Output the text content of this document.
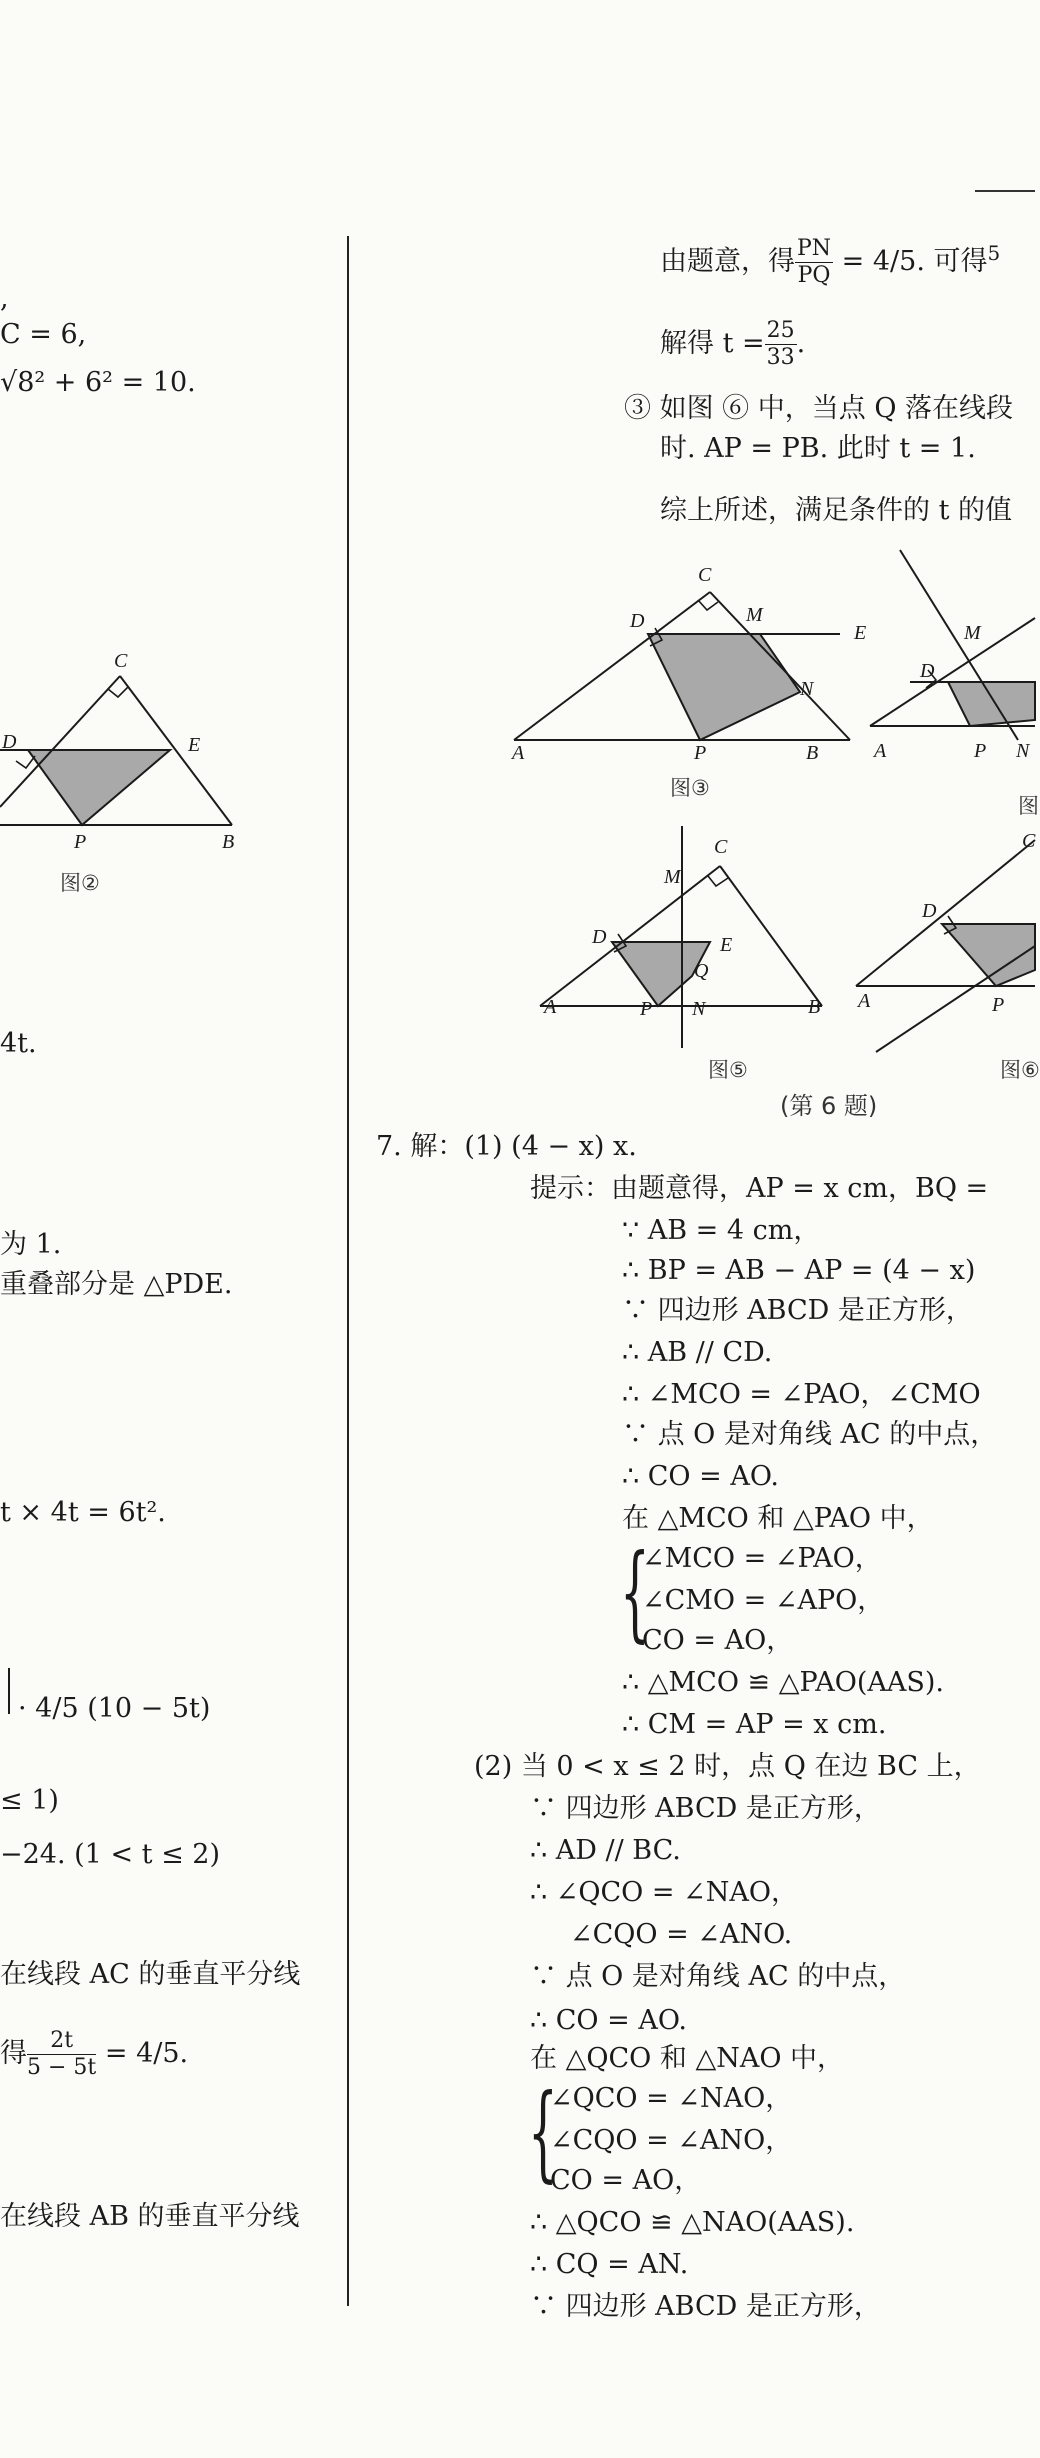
,
C = 6,
√8² + 6² = 10.
C
D	E
P	B
图②
4t.
为 1.
重叠部分是 △PDE.
t × 4t = 6t².
· 4/5 (10 − 5t)
≤ 1)
−24. (1 < t ≤ 2)
在线段 AC 的垂直平分线
得 $\frac{2t}{5 - 5t} = 4/5$.
在线段 AB 的垂直平分线
由题意，得 $\frac{PN}{PQ} = 4/5$. 可得$^5$
解得 $t = \frac{25}{33}$ .
③ 如图 ⑥ 中，当点 Q 落在线段
时. AP = PB. 此时 t = 1.
综上所述，满足条件的 t 的值
C
D	M
E
N
A	P	B
图③
M
D
A	P N
图
C
M
D	E
Q
A	P N	B
图⑤
C
D
A	P
图⑥
(第 6 题)
7. 解：(1) (4 − x) x.
提示：由题意得，AP = x cm，BQ =
∵ AB = 4 cm，
∴ BP = AB − AP = (4 − x)
∵ 四边形 ABCD 是正方形，
∴ AB // CD.
∴ ∠MCO = ∠PAO，∠CMO
∵ 点 O 是对角线 AC 的中点，
∴ CO = AO.
在 △MCO 和 △PAO 中，
{
∠MCO = ∠PAO，
∠CMO = ∠APO，
CO = AO，
∴ △MCO ≌ △PAO(AAS).
∴ CM = AP = x cm.
(2) 当 0 < x ≤ 2 时，点 Q 在边 BC 上，
∵ 四边形 ABCD 是正方形，
∴ AD // BC.
∴ ∠QCO = ∠NAO，
∠CQO = ∠ANO.
∵ 点 O 是对角线 AC 的中点，
∴ CO = AO.
在 △QCO 和 △NAO 中，
{
∠QCO = ∠NAO，
∠CQO = ∠ANO，
CO = AO，
∴ △QCO ≌ △NAO(AAS).
∴ CQ = AN.
∵ 四边形 ABCD 是正方形，
